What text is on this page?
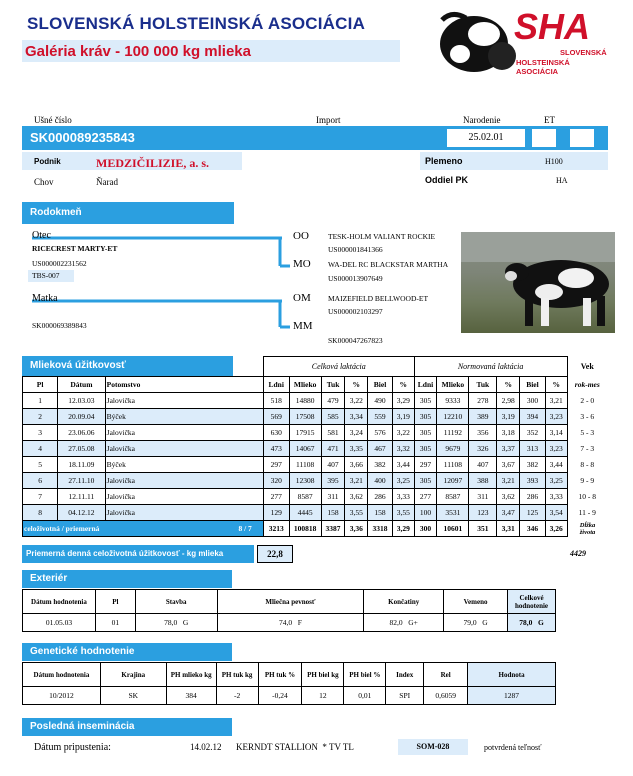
SLOVENSKÁ HOLSTEINSKÁ ASOCIÁCIA
Galéria kráv - 100 000 kg mlieka
SHA
SLOVENSKÁ
HOLSTEINSKÁ ASOCIÁCIA
Ušné číslo	Import	Narodenie	ET
SK000089235843	25.02.01
Podnik	MEDZIČILIZIE, a. s.
Chov	Ňarad
Plemeno	H100
Oddiel PK	HA
Rodokmeň
Otec
RICECREST MARTY-ET
US000002231562
TBS-007
Matka
SK000069389843
OO	TESK-HOLM VALIANT ROCKIE
US000001841366
MO WA-DEL RC BLACKSTAR MARTHA
US000013907649
OM MAIZEFIELD BELLWOOD-ET
US000002103297
MM
SK000047267823
Mlieková úžitkovosť
			Celková laktácia						Normovaná laktácia						Vek
Pl	Dátum	Potomstvo	Ldni	Mlieko	Tuk	%	Biel	%	Ldni	Mlieko	Tuk	%	Biel	%	rok-mes
1	12.03.03	Jalovička	518	14880	479	3,22	490	3,29	305	9333	278	2,98	300	3,21	2 - 0
2	20.09.04	Býček	569	17508	585	3,34	559	3,19	305	12210	389	3,19	394	3,23	3 - 6
3	23.06.06	Jalovička	630	17915	581	3,24	576	3,22	305	11192	356	3,18	352	3,14	5 - 3
4	27.05.08	Jalovička	473	14067	471	3,35	467	3,32	305	9679	326	3,37	313	3,23	7 - 3
5	18.11.09	Býček	297	11108	407	3,66	382	3,44	297	11108	407	3,67	382	3,44	8 - 8
6	27.11.10	Jalovička	320	12308	395	3,21	400	3,25	305	12097	388	3,21	393	3,25	9 - 9
7	12.11.11	Jalovička	277	8587	311	3,62	286	3,33	277	8587	311	3,62	286	3,33	10 - 8
8	04.12.12	Jalovička	129	4445	158	3,55	158	3,55	100	3531	123	3,47	125	3,54	11 - 9
celoživotná / priemerná 8 / 7			3213	100818	3387	3,36	3318	3,29	300	10601	351	3,31	346	3,26	Dĺžka
života
Priemerná denná celoživotná úžitkovosť - kg mlieka	22,8	4429
Exteriér
Dátum hodnotenia	Pl	Stavba	Mliečna pevnosť	Končatiny	Vemeno	Celkové hodnotenie
01.05.03	01	78,0 G	74,0 F	82,0 G+	79,0 G	78,0 G
Genetické hodnotenie
Dátum hodnotenia	Krajina	PH mlieko kg	PH tuk kg	PH tuk %	PH biel kg	PH biel %	Index	Rel	Hodnota
10/2012	SK	384	-2	-0,24	12	0,01	SPI	0,6059	1287
Posledná inseminácia
Dátum pripustenia:	14.02.12 KERNDT STALLION  * TV TL	SOM-028	potvrdená teľnosť
